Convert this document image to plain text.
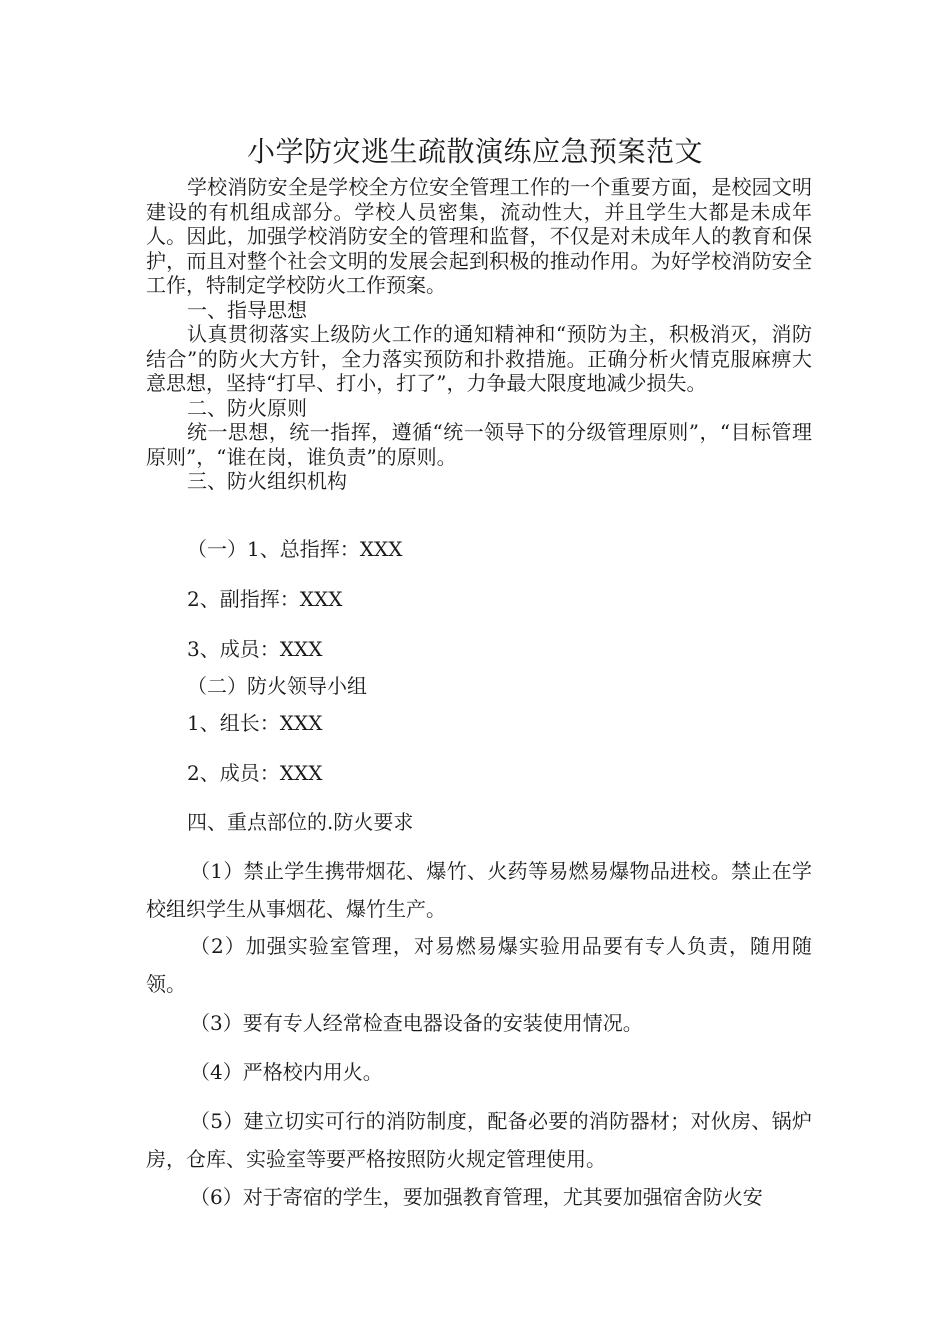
小学防灾逃生疏散演练应急预案范文

学校消防安全是学校全方位安全管理工作的一个重要方面，是校园文明建设的有机组成部分。学校人员密集，流动性大，并且学生大都是未成年人。因此，加强学校消防安全的管理和监督，不仅是对未成年人的教育和保护，而且对整个社会文明的发展会起到积极的推动作用。为好学校消防安全工作，特制定学校防火工作预案。

一、指导思想

认真贯彻落实上级防火工作的通知精神和“预防为主，积极消灭，消防结合”的防火大方针，全力落实预防和扑救措施。正确分析火情克服麻痹大意思想，坚持“打早、打小，打了”，力争最大限度地减少损失。

二、防火原则

统一思想，统一指挥，遵循“统一领导下的分级管理原则”，“目标管理原则”，“谁在岗，谁负责”的原则。

三、防火组织机构

（一）1、总指挥：XXX
2、副指挥：XXX
3、成员：XXX
（二）防火领导小组
1、组长：XXX
2、成员：XXX
四、重点部位的.防火要求
（1）禁止学生携带烟花、爆竹、火药等易燃易爆物品进校。禁止在学校组织学生从事烟花、爆竹生产。
（2）加强实验室管理，对易燃易爆实验用品要有专人负责，随用随领。
（3）要有专人经常检查电器设备的安装使用情况。
（4）严格校内用火。
（5）建立切实可行的消防制度，配备必要的消防器材；对伙房、锅炉房，仓库、实验室等要严格按照防火规定管理使用。
（6）对于寄宿的学生，要加强教育管理，尤其要加强宿舍防火安
